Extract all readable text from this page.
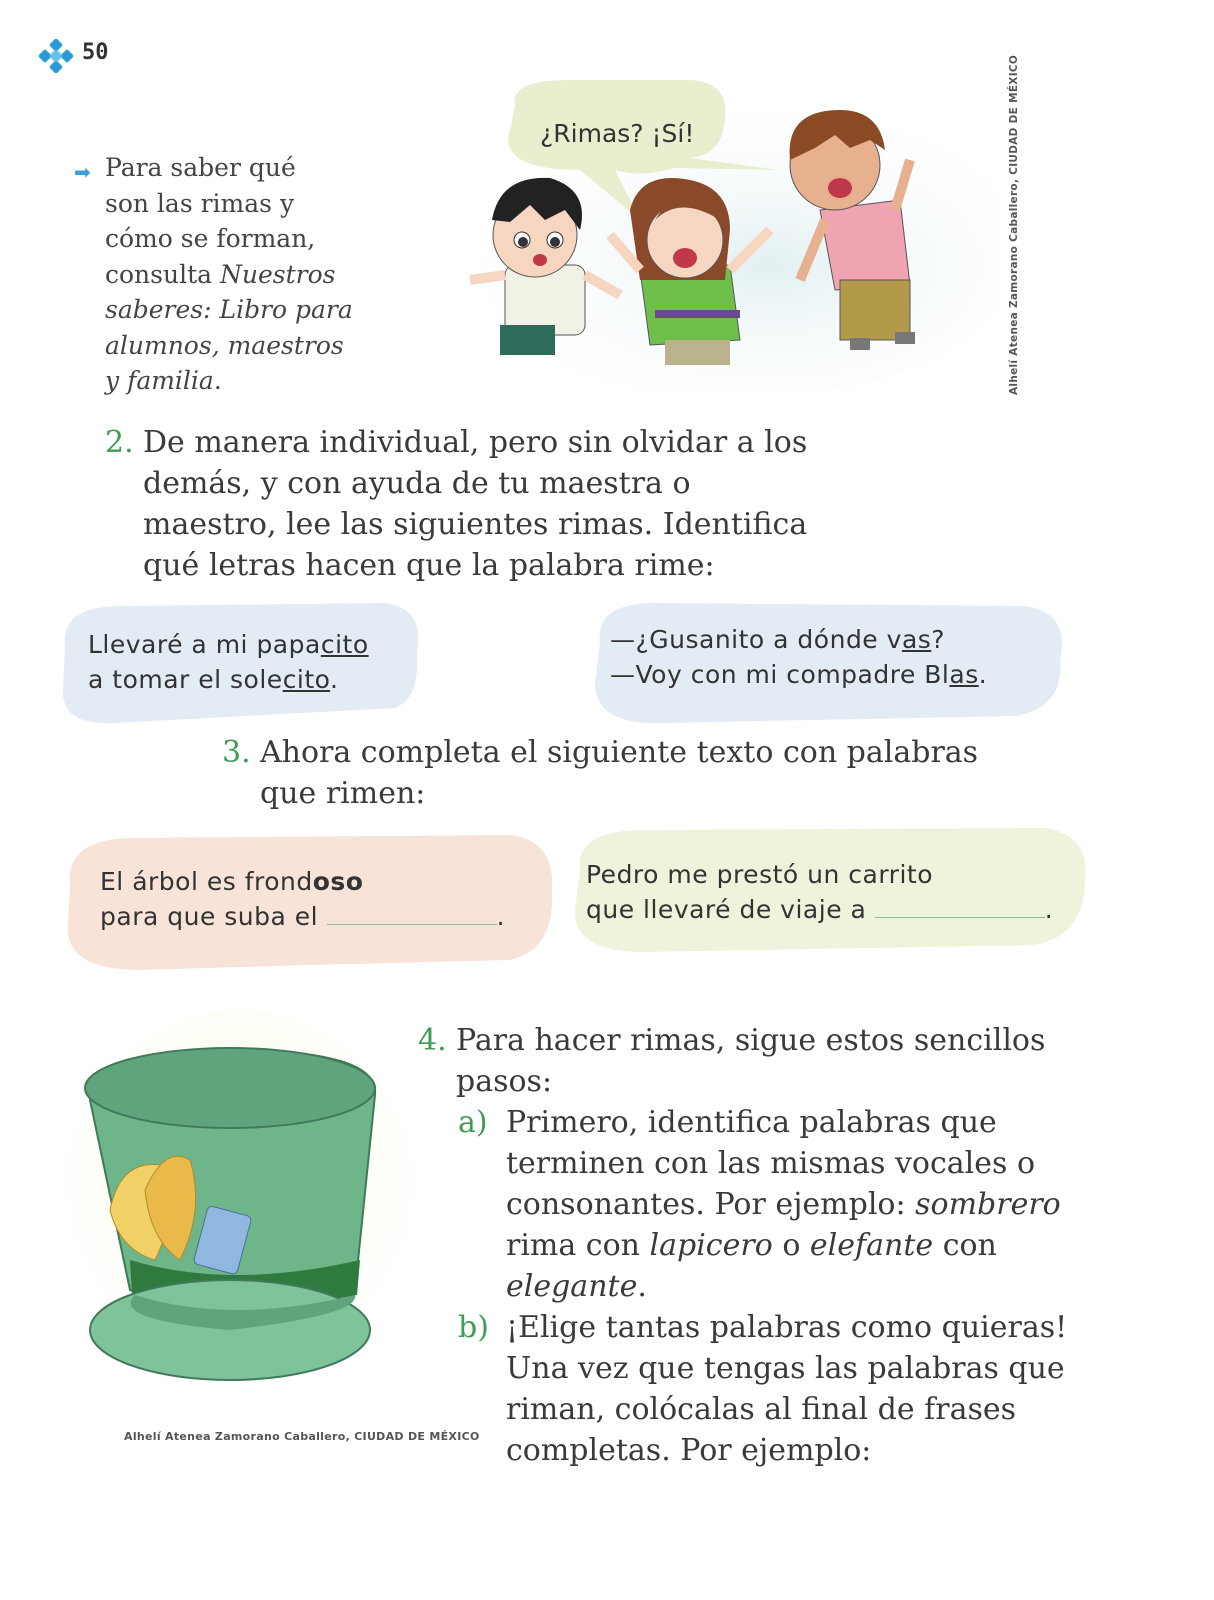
50
➡ Para saber qué
son las rimas y
cómo se forman,
consulta Nuestros
saberes: Libro para
alumnos, maestros
y familia.
¿Rimas? ¡Sí!	Alhelí Atenea Zamorano Caballero, CIUDAD DE MÉXICO
2. De manera individual, pero sin olvidar a los demás, y con ayuda de tu maestra o maestro, lee las siguientes rimas. Identifica qué letras hacen que la palabra rime:
Llevaré a mi papacito
a tomar el solecito.
—¿Gusanito a dónde vas?
—Voy con mi compadre Blas.
3. Ahora completa el siguiente texto con palabras que rimen:
El árbol es frondoso
para que suba el	.
Pedro me prestó un carrito
que llevaré de viaje a	.
Alhelí Atenea Zamorano Caballero, CIUDAD DE MÉXICO
4. Para hacer rimas, sigue estos sencillos pasos:
a) Primero, identifica palabras que terminen con las mismas vocales o consonantes. Por ejemplo: sombrero rima con lapicero o elefante con elegante.
b) ¡Elige tantas palabras como quieras! Una vez que tengas las palabras que riman, colócalas al final de frases completas. Por ejemplo:
